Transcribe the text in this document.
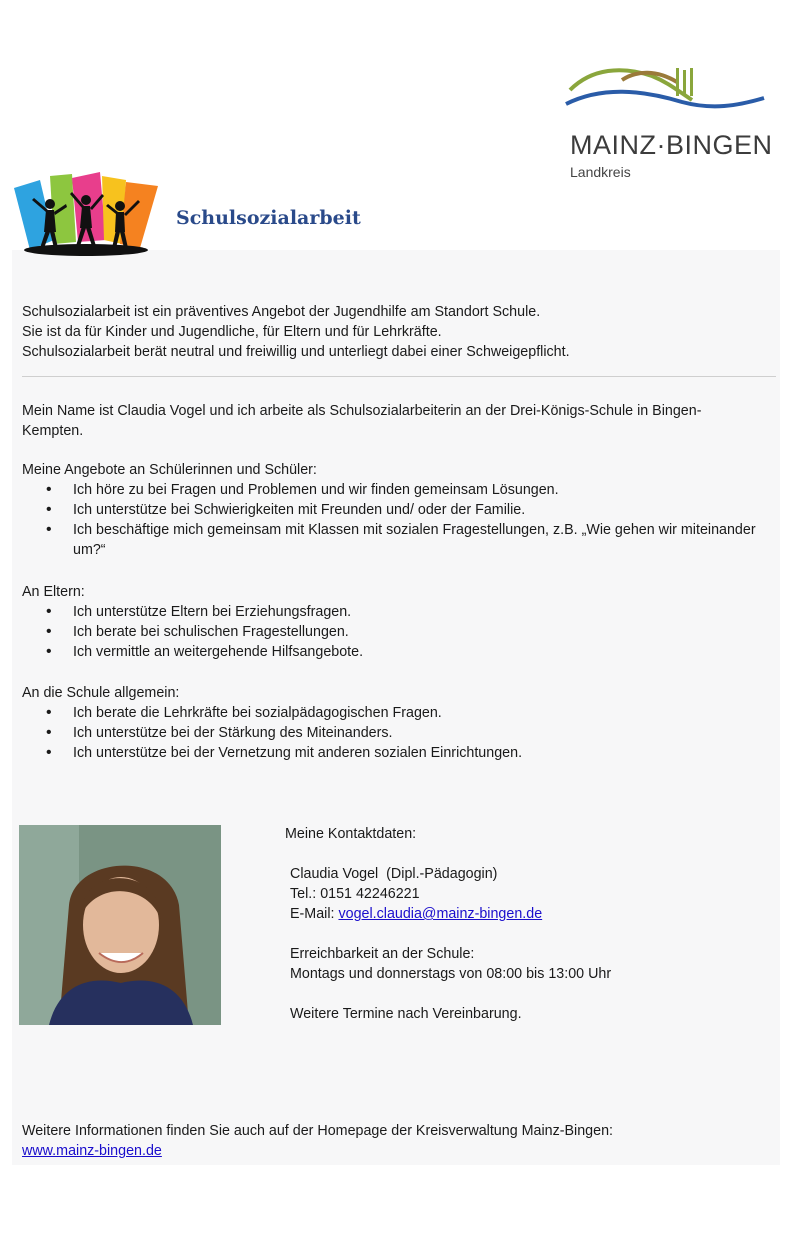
MAINZ·BINGEN
Landkreis
Schulsozialarbeit
Schulsozialarbeit ist ein präventives Angebot der Jugendhilfe am Standort Schule.
Sie ist da für Kinder und Jugendliche, für Eltern und für Lehrkräfte.
Schulsozialarbeit berät neutral und freiwillig und unterliegt dabei einer Schweigepflicht.
Mein Name ist Claudia Vogel und ich arbeite als Schulsozialarbeiterin an der Drei-Königs-Schule in Bingen-Kempten.
Meine Angebote an Schülerinnen und Schüler:
• Ich höre zu bei Fragen und Problemen und wir finden gemeinsam Lösungen.
• Ich unterstütze bei Schwierigkeiten mit Freunden und/ oder der Familie.
• Ich beschäftige mich gemeinsam mit Klassen mit sozialen Fragestellungen, z.B. „Wie gehen wir miteinander um?“
An Eltern:
• Ich unterstütze Eltern bei Erziehungsfragen.
• Ich berate bei schulischen Fragestellungen.
• Ich vermittle an weitergehende Hilfsangebote.
An die Schule allgemein:
• Ich berate die Lehrkräfte bei sozialpädagogischen Fragen.
• Ich unterstütze bei der Stärkung des Miteinanders.
• Ich unterstütze bei der Vernetzung mit anderen sozialen Einrichtungen.
Meine Kontaktdaten:
Claudia Vogel  (Dipl.-Pädagogin)
Tel.: 0151 42246221
E-Mail: vogel.claudia@mainz-bingen.de
Erreichbarkeit an der Schule:
Montags und donnerstags von 08:00 bis 13:00 Uhr
Weitere Termine nach Vereinbarung.
Weitere Informationen finden Sie auch auf der Homepage der Kreisverwaltung Mainz-Bingen:
www.mainz-bingen.de
